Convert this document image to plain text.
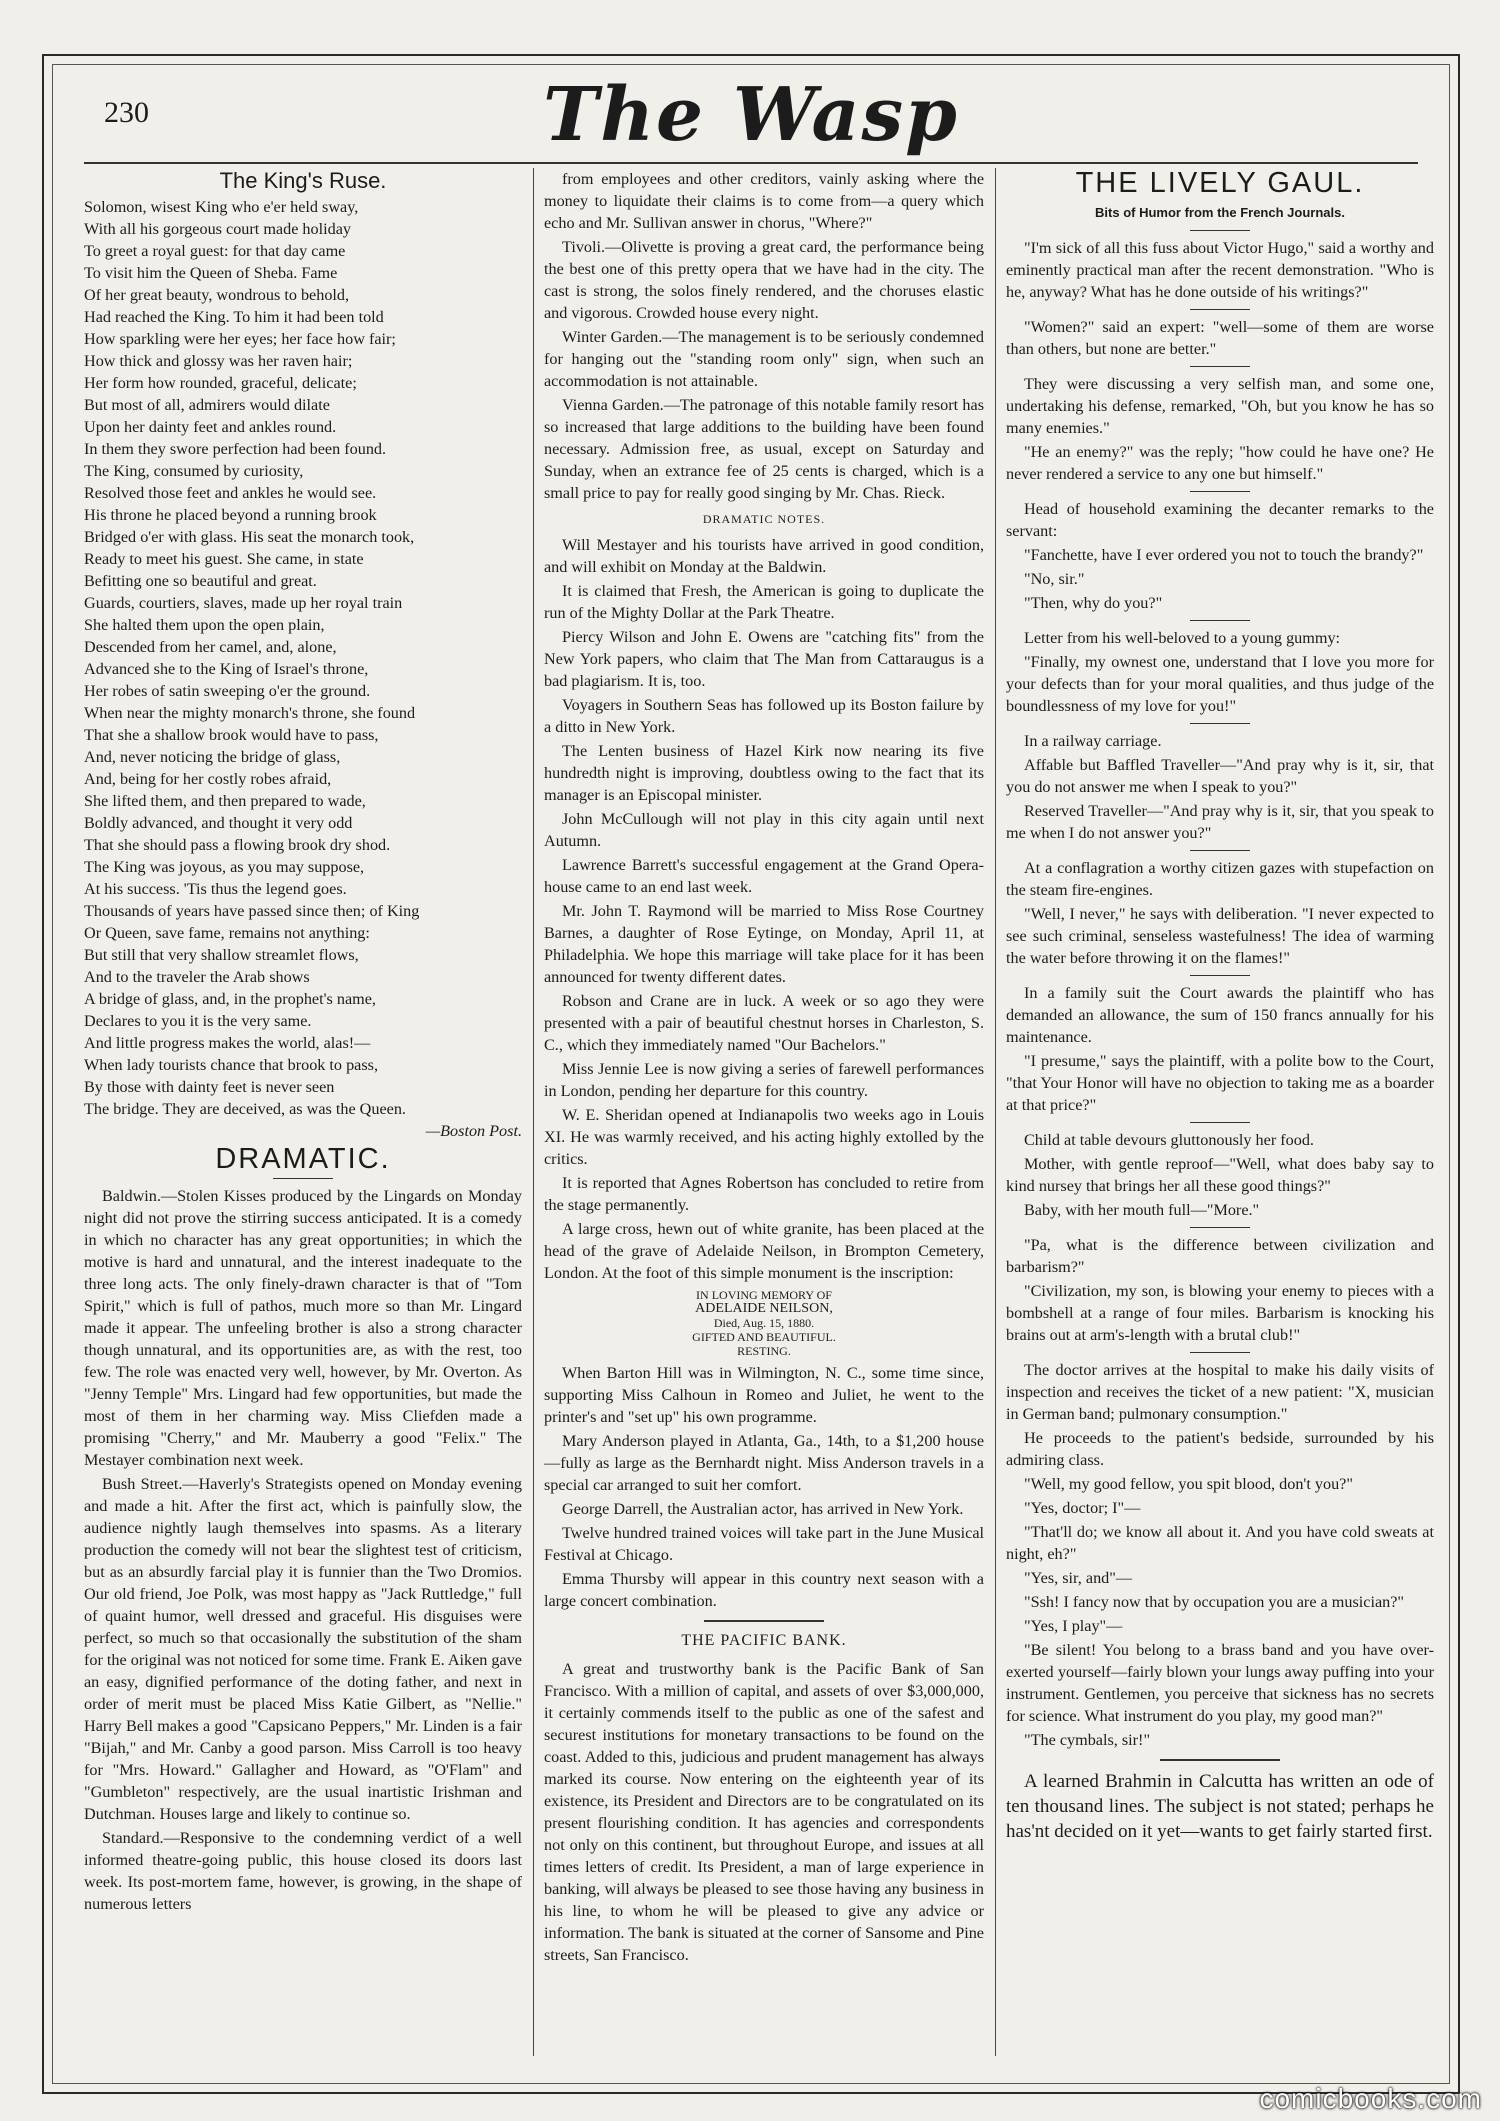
230	The Wasp
The King's Ruse.

Solomon, wisest King who e'er held sway,

With all his gorgeous court made holiday

To greet a royal guest: for that day came

To visit him the Queen of Sheba. Fame

Of her great beauty, wondrous to behold,

Had reached the King. To him it had been told

How sparkling were her eyes; her face how fair;

How thick and glossy was her raven hair;

Her form how rounded, graceful, delicate;

But most of all, admirers would dilate

Upon her dainty feet and ankles round.

In them they swore perfection had been found.

The King, consumed by curiosity,

Resolved those feet and ankles he would see.

His throne he placed beyond a running brook

Bridged o'er with glass. His seat the monarch took,

Ready to meet his guest. She came, in state

Befitting one so beautiful and great.

Guards, courtiers, slaves, made up her royal train

She halted them upon the open plain,

Descended from her camel, and, alone,

Advanced she to the King of Israel's throne,

Her robes of satin sweeping o'er the ground.

When near the mighty monarch's throne, she found

That she a shallow brook would have to pass,

And, never noticing the bridge of glass,

And, being for her costly robes afraid,

She lifted them, and then prepared to wade,

Boldly advanced, and thought it very odd

That she should pass a flowing brook dry shod.

The King was joyous, as you may suppose,

At his success. 'Tis thus the legend goes.

Thousands of years have passed since then; of King

Or Queen, save fame, remains not anything:

But still that very shallow streamlet flows,

And to the traveler the Arab shows

A bridge of glass, and, in the prophet's name,

Declares to you it is the very same.

And little progress makes the world, alas!—

When lady tourists chance that brook to pass,

By those with dainty feet is never seen

The bridge. They are deceived, as was the Queen.

—Boston Post.
DRAMATIC.

Baldwin.—Stolen Kisses produced by the Lingards on Monday night did not prove the stirring success anticipated. It is a comedy in which no character has any great opportunities; in which the motive is hard and unnatural, and the interest inadequate to the three long acts. The only finely-drawn character is that of "Tom Spirit," which is full of pathos, much more so than Mr. Lingard made it appear. The unfeeling brother is also a strong character though unnatural, and its opportunities are, as with the rest, too few. The role was enacted very well, however, by Mr. Overton. As "Jenny Temple" Mrs. Lingard had few opportunities, but made the most of them in her charming way. Miss Cliefden made a promising "Cherry," and Mr. Mauberry a good "Felix." The Mestayer combination next week.

Bush Street.—Haverly's Strategists opened on Monday evening and made a hit. After the first act, which is painfully slow, the audience nightly laugh themselves into spasms. As a literary production the comedy will not bear the slightest test of criticism, but as an absurdly farcial play it is funnier than the Two Dromios. Our old friend, Joe Polk, was most happy as "Jack Ruttledge," full of quaint humor, well dressed and graceful. His disguises were perfect, so much so that occasionally the substitution of the sham for the original was not noticed for some time. Frank E. Aiken gave an easy, dignified performance of the doting father, and next in order of merit must be placed Miss Katie Gilbert, as "Nellie." Harry Bell makes a good "Capsicano Peppers," Mr. Linden is a fair "Bijah," and Mr. Canby a good parson. Miss Carroll is too heavy for "Mrs. Howard." Gallagher and Howard, as "O'Flam" and "Gumbleton" respectively, are the usual inartistic Irishman and Dutchman. Houses large and likely to continue so.

Standard.—Responsive to the condemning verdict of a well informed theatre-going public, this house closed its doors last week. Its post-mortem fame, however, is growing, in the shape of numerous letters

from employees and other creditors, vainly asking where the money to liquidate their claims is to come from—a query which echo and Mr. Sullivan answer in chorus, "Where?"

Tivoli.—Olivette is proving a great card, the performance being the best one of this pretty opera that we have had in the city. The cast is strong, the solos finely rendered, and the choruses elastic and vigorous. Crowded house every night.

Winter Garden.—The management is to be seriously condemned for hanging out the "standing room only" sign, when such an accommodation is not attainable.

Vienna Garden.—The patronage of this notable family resort has so increased that large additions to the building have been found necessary. Admission free, as usual, except on Saturday and Sunday, when an extrance fee of 25 cents is charged, which is a small price to pay for really good singing by Mr. Chas. Rieck.

DRAMATIC NOTES.

Will Mestayer and his tourists have arrived in good condition, and will exhibit on Monday at the Baldwin.

It is claimed that Fresh, the American is going to duplicate the run of the Mighty Dollar at the Park Theatre.

Piercy Wilson and John E. Owens are "catching fits" from the New York papers, who claim that The Man from Cattaraugus is a bad plagiarism. It is, too.

Voyagers in Southern Seas has followed up its Boston failure by a ditto in New York.

The Lenten business of Hazel Kirk now nearing its five hundredth night is improving, doubtless owing to the fact that its manager is an Episcopal minister.

John McCullough will not play in this city again until next Autumn.

Lawrence Barrett's successful engagement at the Grand Opera-house came to an end last week.

Mr. John T. Raymond will be married to Miss Rose Courtney Barnes, a daughter of Rose Eytinge, on Monday, April 11, at Philadelphia. We hope this marriage will take place for it has been announced for twenty different dates.

Robson and Crane are in luck. A week or so ago they were presented with a pair of beautiful chestnut horses in Charleston, S. C., which they immediately named "Our Bachelors."

Miss Jennie Lee is now giving a series of farewell performances in London, pending her departure for this country.

W. E. Sheridan opened at Indianapolis two weeks ago in Louis XI. He was warmly received, and his acting highly extolled by the critics.

It is reported that Agnes Robertson has concluded to retire from the stage permanently.

A large cross, hewn out of white granite, has been placed at the head of the grave of Adelaide Neilson, in Brompton Cemetery, London. At the foot of this simple monument is the inscription:

IN LOVING MEMORY OF
ADELAIDE NEILSON,
Died, Aug. 15, 1880.
GIFTED AND BEAUTIFUL.
RESTING.

When Barton Hill was in Wilmington, N. C., some time since, supporting Miss Calhoun in Romeo and Juliet, he went to the printer's and "set up" his own programme.

Mary Anderson played in Atlanta, Ga., 14th, to a $1,200 house—fully as large as the Bernhardt night. Miss Anderson travels in a special car arranged to suit her comfort.

George Darrell, the Australian actor, has arrived in New York.

Twelve hundred trained voices will take part in the June Musical Festival at Chicago.

Emma Thursby will appear in this country next season with a large concert combination.

THE PACIFIC BANK.

A great and trustworthy bank is the Pacific Bank of San Francisco. With a million of capital, and assets of over $3,000,000, it certainly commends itself to the public as one of the safest and securest institutions for monetary transactions to be found on the coast. Added to this, judicious and prudent management has always marked its course. Now entering on the eighteenth year of its existence, its President and Directors are to be congratulated on its present flourishing condition. It has agencies and correspondents not only on this continent, but throughout Europe, and issues at all times letters of credit. Its President, a man of large experience in banking, will always be pleased to see those having any business in his line, to whom he will be pleased to give any advice or information. The bank is situated at the corner of Sansome and Pine streets, San Francisco.

THE LIVELY GAUL.
Bits of Humor from the French Journals.

"I'm sick of all this fuss about Victor Hugo," said a worthy and eminently practical man after the recent demonstration. "Who is he, anyway? What has he done outside of his writings?"

"Women?" said an expert: "well—some of them are worse than others, but none are better."

They were discussing a very selfish man, and some one, undertaking his defense, remarked, "Oh, but you know he has so many enemies."

"He an enemy?" was the reply; "how could he have one? He never rendered a service to any one but himself."

Head of household examining the decanter remarks to the servant:

"Fanchette, have I ever ordered you not to touch the brandy?"

"No, sir."

"Then, why do you?"

Letter from his well-beloved to a young gummy:

"Finally, my ownest one, understand that I love you more for your defects than for your moral qualities, and thus judge of the boundlessness of my love for you!"

In a railway carriage.

Affable but Baffled Traveller—"And pray why is it, sir, that you do not answer me when I speak to you?"

Reserved Traveller—"And pray why is it, sir, that you speak to me when I do not answer you?"

At a conflagration a worthy citizen gazes with stupefaction on the steam fire-engines.

"Well, I never," he says with deliberation. "I never expected to see such criminal, senseless wastefulness! The idea of warming the water before throwing it on the flames!"

In a family suit the Court awards the plaintiff who has demanded an allowance, the sum of 150 francs annually for his maintenance.

"I presume," says the plaintiff, with a polite bow to the Court, "that Your Honor will have no objection to taking me as a boarder at that price?"

Child at table devours gluttonously her food.

Mother, with gentle reproof—"Well, what does baby say to kind nursey that brings her all these good things?"

Baby, with her mouth full—"More."

"Pa, what is the difference between civilization and barbarism?"

"Civilization, my son, is blowing your enemy to pieces with a bombshell at a range of four miles. Barbarism is knocking his brains out at arm's-length with a brutal club!"

The doctor arrives at the hospital to make his daily visits of inspection and receives the ticket of a new patient: "X, musician in German band; pulmonary consumption."

He proceeds to the patient's bedside, surrounded by his admiring class.

"Well, my good fellow, you spit blood, don't you?"

"Yes, doctor; I"—

"That'll do; we know all about it. And you have cold sweats at night, eh?"

"Yes, sir, and"—

"Ssh! I fancy now that by occupation you are a musician?"

"Yes, I play"—

"Be silent! You belong to a brass band and you have over-exerted yourself—fairly blown your lungs away puffing into your instrument. Gentlemen, you perceive that sickness has no secrets for science. What instrument do you play, my good man?"

"The cymbals, sir!"

A learned Brahmin in Calcutta has written an ode of ten thousand lines. The subject is not stated; perhaps he has'nt decided on it yet—wants to get fairly started first.

comicbooks.com
